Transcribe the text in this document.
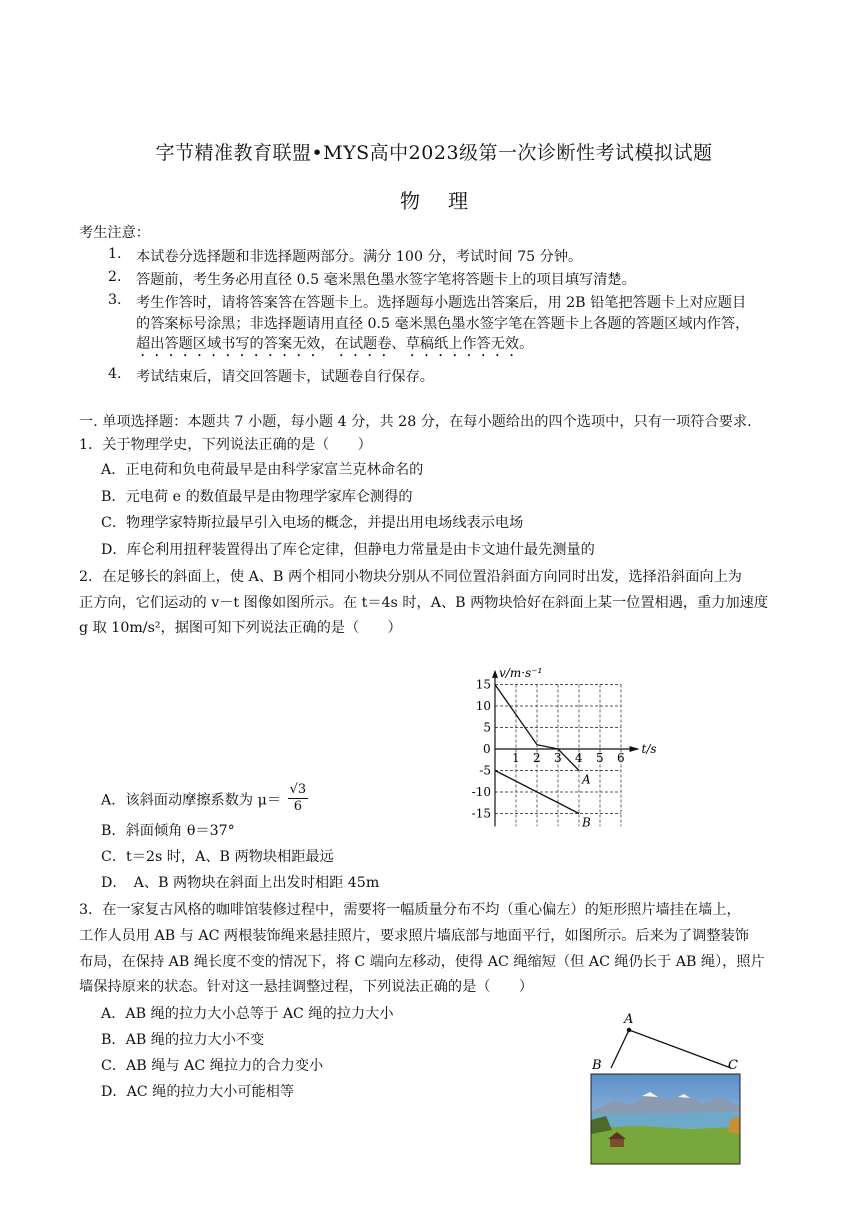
字节精准教育联盟•MYS高中2023级第一次诊断性考试模拟试题
物理
考生注意：
1. 本试卷分选择题和非选择题两部分。满分 100 分，考试时间 75 分钟。
2. 答题前，考生务必用直径 0.5 毫米黑色墨水签字笔将答题卡上的项目填写清楚。
3. 考生作答时，请将答案答在答题卡上。选择题每小题选出答案后，用 2B 铅笔把答题卡上对应题目
的答案标号涂黑；非选择题请用直径 0.5 毫米黑色墨水签字笔在答题卡上各题的答题区域内作答，
超出答题区域书写的答案无效，在试题卷、草稿纸上作答无效。
4. 考试结束后，请交回答题卡，试题卷自行保存。
一. 单项选择题：本题共 7 小题，每小题 4 分，共 28 分，在每小题给出的四个选项中，只有一项符合要求.
1．关于物理学史，下列说法正确的是（　　）
A．正电荷和负电荷最早是由科学家富兰克林命名的
B．元电荷 e 的数值最早是由物理学家库仑测得的
C．物理学家特斯拉最早引入电场的概念，并提出用电场线表示电场
D．库仑利用扭秤装置得出了库仑定律，但静电力常量是由卡文迪什最先测量的
2．在足够长的斜面上，使 A、B 两个相同小物块分别从不同位置沿斜面方向同时出发，选择沿斜面向上为
正方向，它们运动的 v－t 图像如图所示。在 t＝4s 时，A、B 两物块恰好在斜面上某一位置相遇，重力加速度
g 取 10m/s²，据图可知下列说法正确的是（　　）
A．该斜面动摩擦系数为 $\mu= \frac{√3}{6}$
B．斜面倾角 θ＝37°
C．t＝2s 时，A、B 两物块相距最远
D．　A、B 两物块在斜面上出发时相距 45m
v/m·s⁻¹
t/s
1 2 3 4 5 6
0
15
10
5
-5
-10
-15
A
B
3．在一家复古风格的咖啡馆装修过程中，需要将一幅质量分布不均（重心偏左）的矩形照片墙挂在墙上，
工作人员用 AB 与 AC 两根装饰绳来悬挂照片，要求照片墙底部与地面平行，如图所示。后来为了调整装饰
布局，在保持 AB 绳长度不变的情况下，将 C 端向左移动，使得 AC 绳缩短（但 AC 绳仍长于 AB 绳），照片
墙保持原来的状态。针对这一悬挂调整过程，下列说法正确的是（　　）
A．AB 绳的拉力大小总等于 AC 绳的拉力大小
B．AB 绳的拉力大小不变
C．AB 绳与 AC 绳拉力的合力变小
D．AC 绳的拉力大小可能相等
A
B	C
